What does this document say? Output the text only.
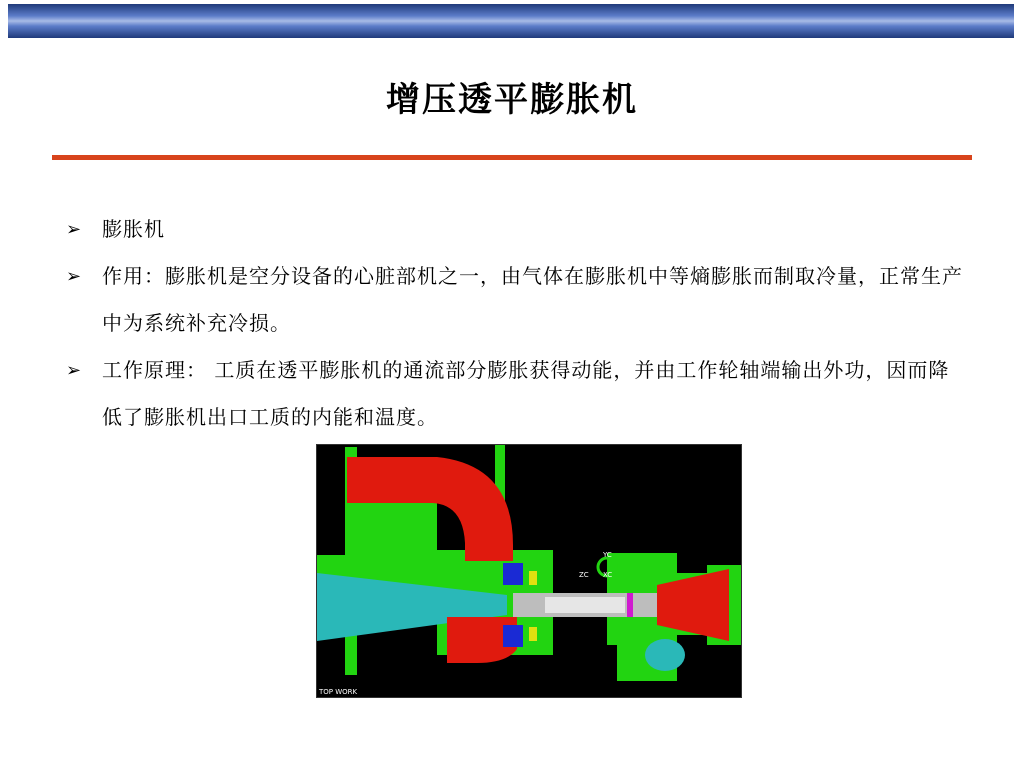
增压透平膨胀机
➢ 膨胀机
➢ 作用：膨胀机是空分设备的心脏部机之一，由气体在膨胀机中等熵膨胀而制取冷量，正常生产中为系统补充冷损。
➢ 工作原理： 工质在透平膨胀机的通流部分膨胀获得动能，并由工作轮轴端输出外功，因而降低了膨胀机出口工质的内能和温度。
YC
ZC XC
TOP WORK
